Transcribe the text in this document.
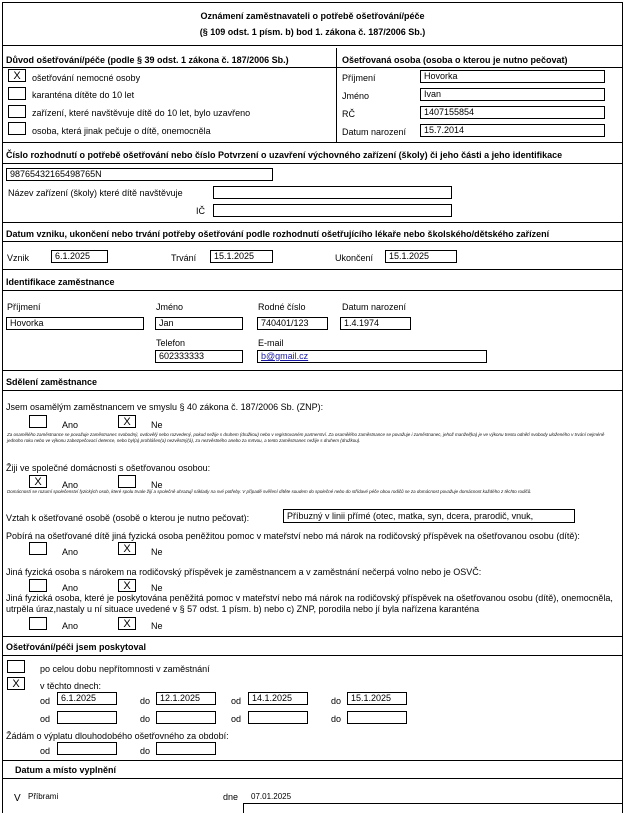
Oznámení zaměstnavateli o potřebě ošetřování/péče
(§ 109 odst. 1 písm. b) bod 1. zákona č. 187/2006 Sb.)
Důvod ošetřování/péče (podle § 39 odst. 1 zákona č. 187/2006 Sb.)
X	ošetřování nemocné osoby
karanténa dítěte do 10 let
zařízení, které navštěvuje dítě do 10 let, bylo uzavřeno
osoba, která jinak pečuje o dítě, onemocněla
Ošetřovaná osoba (osoba o kterou je nutno pečovat)
Příjmení	Hovorka
Jméno	Ivan
RČ	1407155854
Datum narození	15.7.2014
Číslo rozhodnutí o potřebě ošetřování nebo číslo Potvrzení o uzavření výchovného zařízení (školy) či jeho části a jeho identifikace
98765432165498765N
Název zařízení (školy) které dítě navštěvuje
IČ
Datum vzniku, ukončení nebo trvání potřeby ošetřování podle rozhodnutí ošetřujícího lékaře nebo školského/dětského zařízení
Vznik	6.1.2025	Trvání	15.1.2025	Ukončení	15.1.2025
Identifikace zaměstnance
Příjmení	Jméno	Rodné číslo	Datum narození
Hovorka	Jan	740401/123	1.4.1974
Telefon	E-mail
602333333	b@gmail.cz
Sdělení zaměstnance
Jsem osamělým zaměstnancem ve smyslu § 40 zákona č. 187/2006 Sb. (ZNP):
Ano	X	Ne
Za osamělého zaměstnance se považuje zaměstnanec svobodný, ovdovělý nebo rozvedený, pokud nežije s druhem (družkou) nebo v registrovaném partnerství. Za osamělého zaměstnance se považuje i zaměstnanec, jehož manžel(ka) je ve výkonu trestu odnětí svobody uloženého v trvání nejméně jednoho roku nebo ve výkonu zabezpečovací detence, nebo byl(a) prohlášen(a) nezvěstný(á), za nezvěstného anebo za mrtvou, a tento zaměstnanec nežije s druhem (družkou).
Žiji ve společné domácnosti s ošetřovanou osobou:
X	Ano	Ne
Domácností se rozumí společenství fyzických osob, které spolu trvale žijí a společně uhrazují náklady na své potřeby. V případě svěření dítěte soudem do společné nebo do střídavé péče obou rodičů se za domácnost považuje domácnost každého z těchto rodičů.
Vztah k ošetřované osobě (osobě o kterou je nutno pečovat):	Příbuzný v linii přímé (otec, matka, syn, dcera, prarodič, vnuk,
Pobírá na ošetřované dítě jiná fyzická osoba peněžitou pomoc v mateřství nebo má nárok na rodičovský příspěvek na ošetřovanou osobu (dítě):
Ano	X	Ne
Jiná fyzická osoba s nárokem na rodičovský příspěvek je zaměstnancem a v zaměstnání nečerpá volno nebo je OSVČ:
Ano	X	Ne
Jiná fyzická osoba, které je poskytována peněžitá pomoc v mateřství nebo má nárok na rodičovský příspěvek na ošetřovanou osobu (dítě), onemocněla, utrpěla úraz,nastaly u ní situace uvedené v § 57 odst. 1 písm. b) nebo c) ZNP, porodila nebo jí byla nařízena karanténa
Ano	X	Ne
Ošetřování/péči jsem poskytoval
po celou dobu nepřítomnosti v zaměstnání
X	v těchto dnech:
od	6.1.2025	do	12.1.2025	od	14.1.2025	do	15.1.2025
od	do	od	do
Žádám o výplatu dlouhodobého ošetřovného za období:
od	do
Datum a místo vyplnění
V Příbrami	dne 07.01.2025
